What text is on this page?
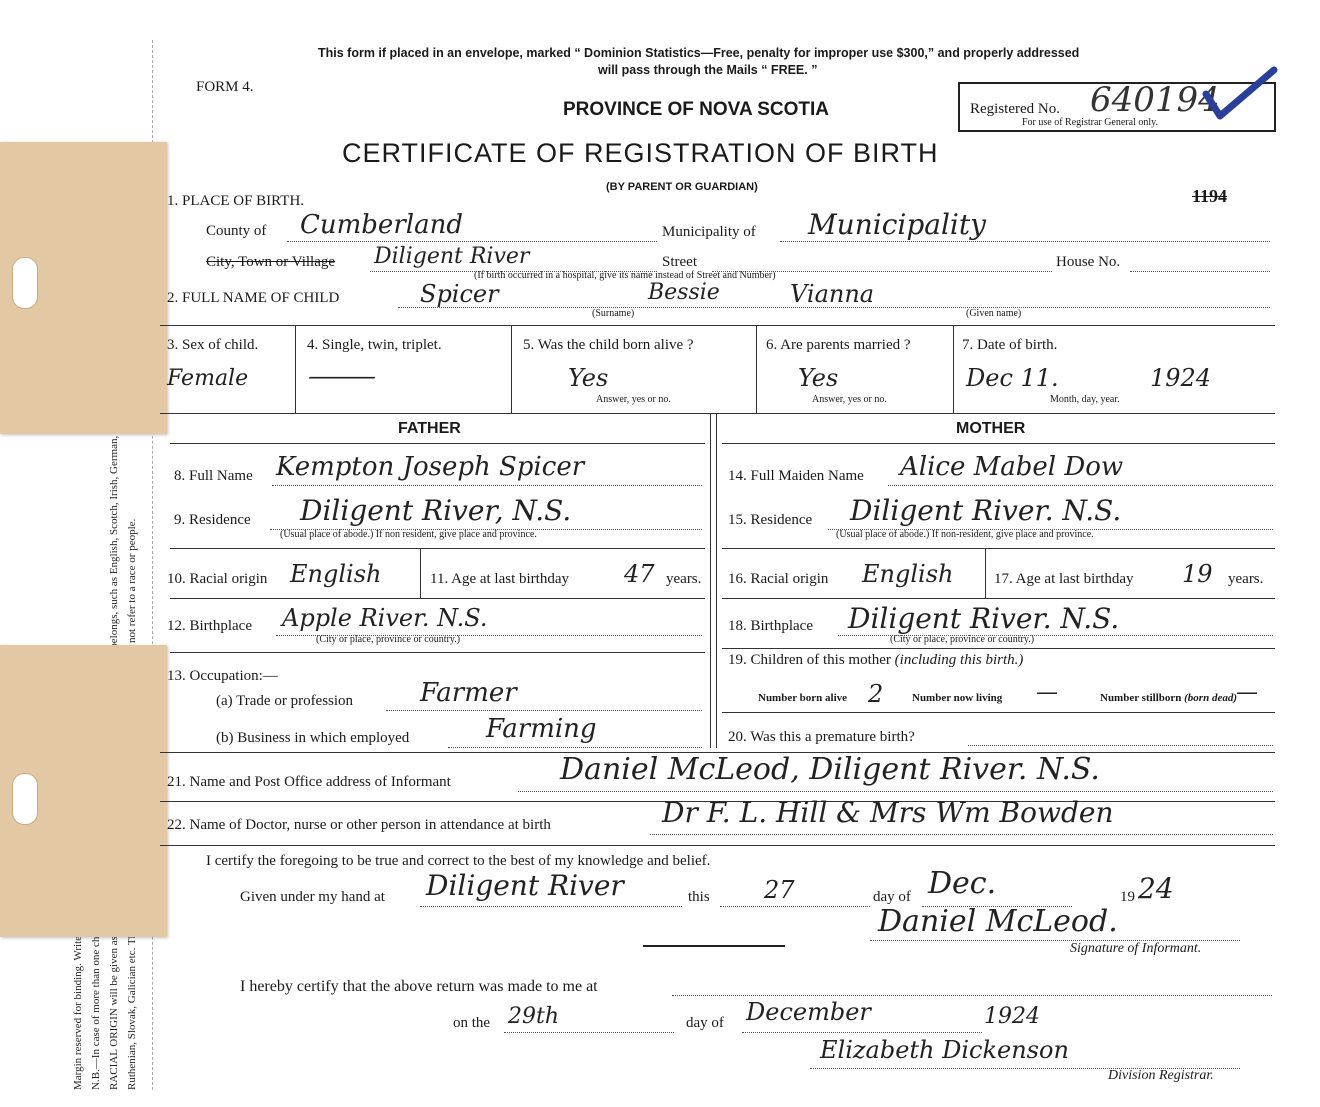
This form if placed in an envelope, marked “ Dominion Statistics—Free, penalty for improper use $300,” and properly addressed
will pass through the Mails “ FREE. ”
FORM 4.
PROVINCE OF NOVA SCOTIA	Registered No. 640194
For use of Registrar General only.
CERTIFICATE OF REGISTRATION OF BIRTH
(BY PARENT OR GUARDIAN)	1194
1. PLACE OF BIRTH.
County of Cumberland	Municipality of Municipality
City, Town or Village Diligent River	Street	House No.
(If birth occurred in a hospital, give its name instead of Street and Number)
2. FULL NAME OF CHILD	Spicer	Bessie	Vianna
(Surname)	(Given name)
3. Sex of child.
Female
4. Single, twin, triplet.
—
5. Was the child born alive ?
Yes
Answer, yes or no.
6. Are parents married ?
Yes
Answer, yes or no.
7. Date of birth.
Dec 11.	1924
Month, day, year.
FATHER	MOTHER
8. Full Name Kempton Joseph Spicer
9. Residence Diligent River, N.S.
(Usual place of abode.) If non resident, give place and province.
10. Racial origin English	11. Age at last birthday 47 years.
12. Birthplace Apple River. N.S.
(City or place, province or country.)
13. Occupation:—
(a) Trade or profession	Farmer
(b) Business in which employed	Farming
14. Full Maiden Name Alice Mabel Dow
15. Residence Diligent River. N.S.
(Usual place of abode.) If non-resident, give place and province.
16. Racial origin English	17. Age at last birthday 19 years.
18. Birthplace Diligent River. N.S.
(City or place, province or country.)
19. Children of this mother (including this birth.)
Number born alive 2	Number now living —	Number stillborn (born dead) —
20. Was this a premature birth?
21. Name and Post Office address of Informant	Daniel McLeod, Diligent River. N.S.
22. Name of Doctor, nurse or other person in attendance at birth	Dr F. L. Hill & Mrs Wm Bowden
I certify the foregoing to be true and correct to the best of my knowledge and belief.
Given under my hand at Diligent River	this 27	day of Dec.	19 24
Daniel McLeod.
Signature of Informant.
I hereby certify that the above return was made to me at
on the 29th	day of December	1924
Elizabeth Dickenson
Division Registrar.
